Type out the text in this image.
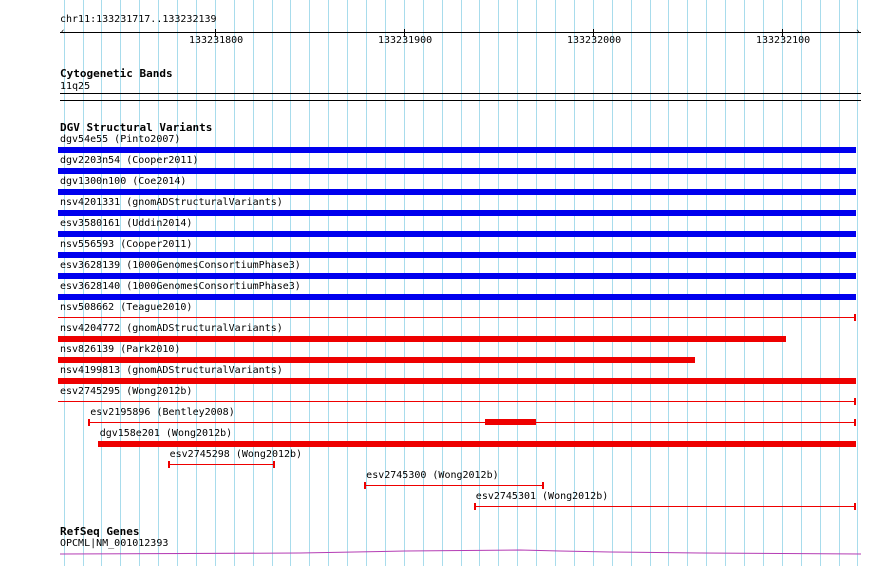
chr11:133231717..133232139
‹	›
133231800	133231900	133232000	133232100
Cytogenetic Bands
11q25
DGV Structural Variants
dgv54e55 (Pinto2007)
dgv2203n54 (Cooper2011)
dgv1300n100 (Coe2014)
nsv4201331 (gnomADStructuralVariants)
esv3580161 (Uddin2014)
nsv556593 (Cooper2011)
esv3628139 (1000GenomesConsortiumPhase3)
esv3628140 (1000GenomesConsortiumPhase3)
nsv508662 (Teague2010)
nsv4204772 (gnomADStructuralVariants)
nsv826139 (Park2010)
nsv4199813 (gnomADStructuralVariants)
esv2745295 (Wong2012b)
esv2195896 (Bentley2008)
dgv158e201 (Wong2012b)
esv2745298 (Wong2012b)
esv2745300 (Wong2012b)
esv2745301 (Wong2012b)
RefSeq Genes
OPCML|NM_001012393
